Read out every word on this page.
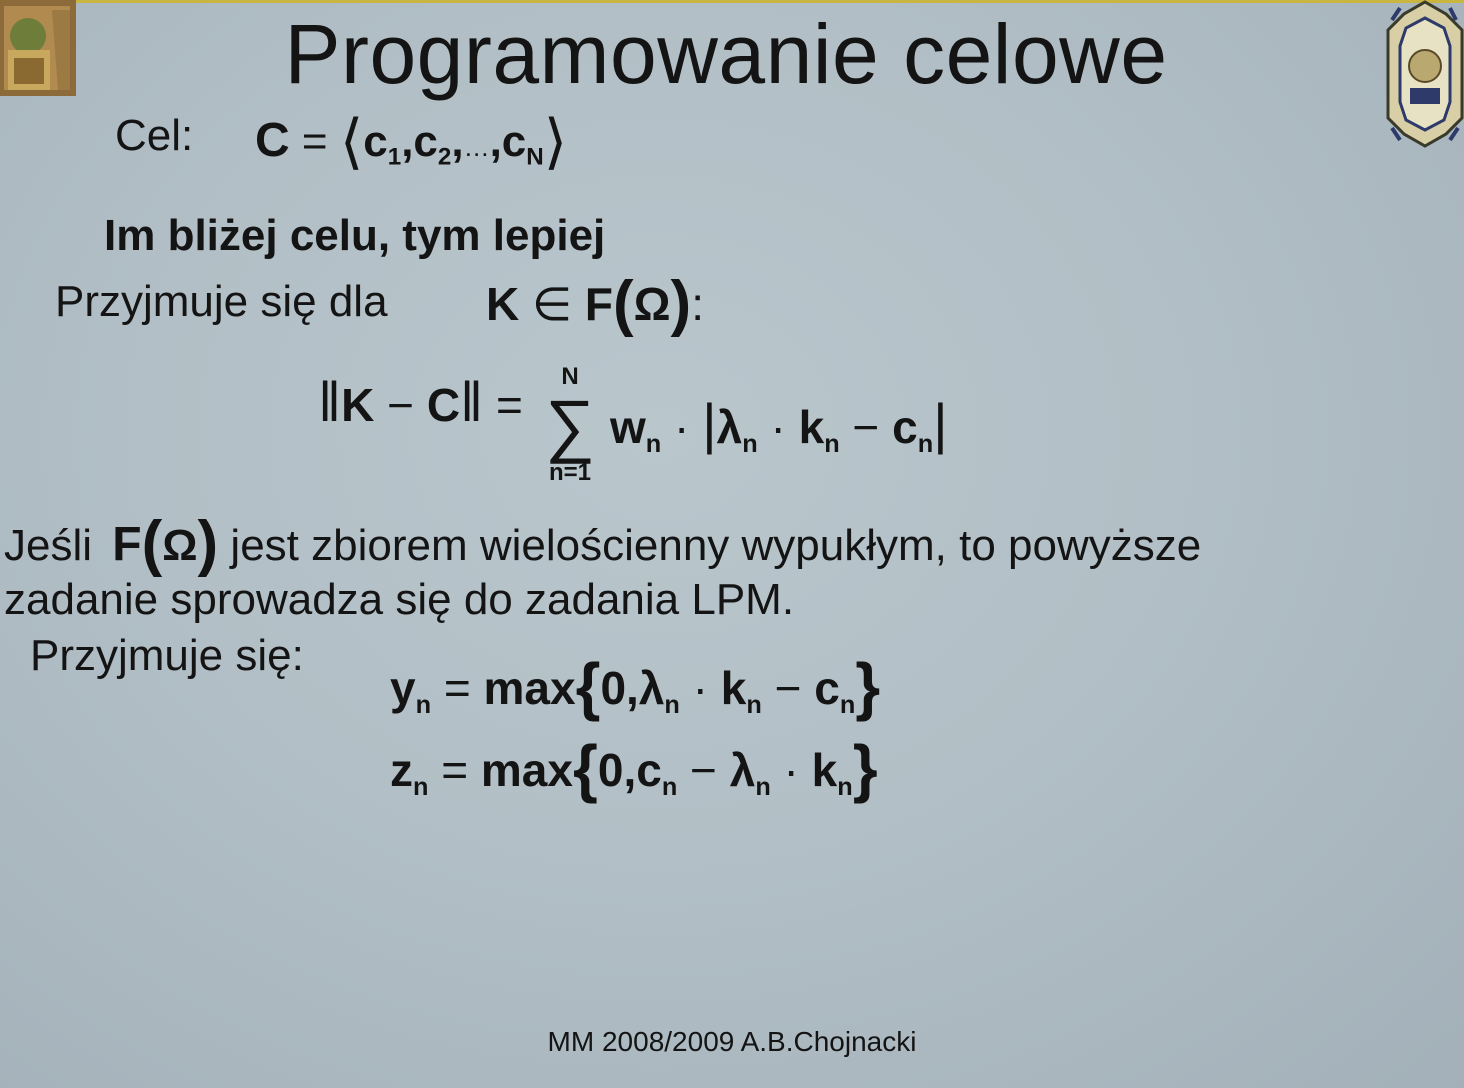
Programowanie celowe
Cel: $C = ⟨c_1,c_2,\dots,c_N⟩$
Im bliżej celu, tym lepiej
Przyjmuje się dla K ∈ F(Ω):
‖K − C‖ =
N
∑
n=1
$w_n \cdot |\lambda_n \cdot k_n - c_n|$
Jeśli F(Ω) jest zbiorem wielościenny wypukłym, to powyższe
zadanie sprowadza się do zadania LPM.
Przyjmuje się:
$y_n = \max\{0,\lambda_n \cdot k_n - c_n\}$
$z_n = \max\{0,c_n - \lambda_n \cdot k_n\}$
MM 2008/2009 A.B.Chojnacki
